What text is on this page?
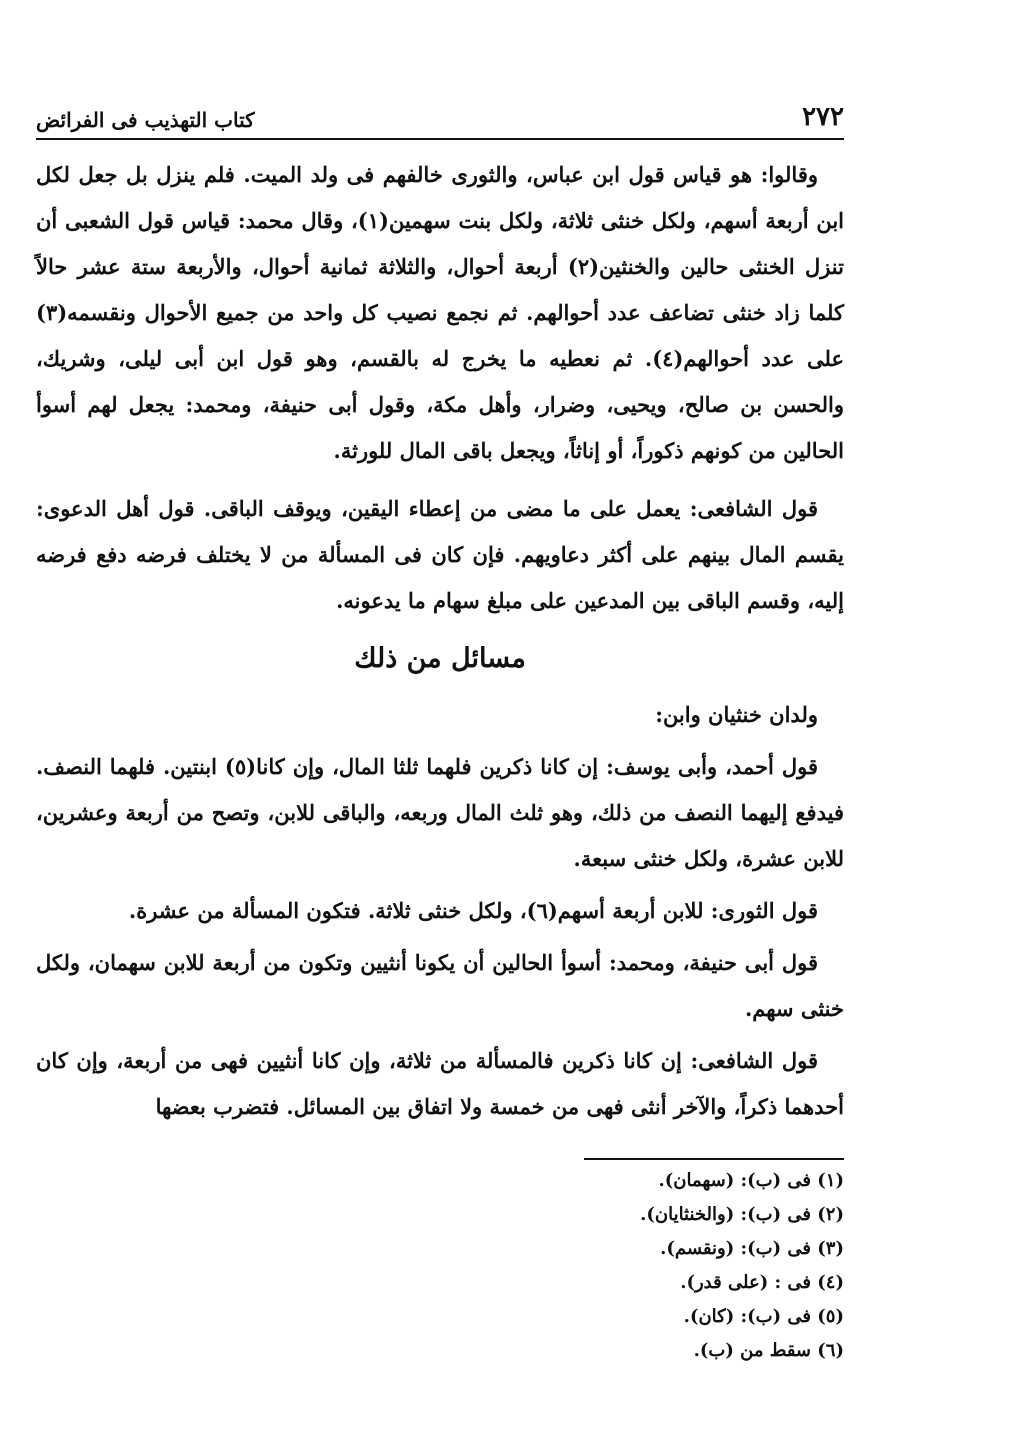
٢٧٢
كتاب التهذيب فى الفرائض

وقالوا: هو قياس قول ابن عباس، والثورى خالفهم فى ولد الميت. فلم ينزل بل جعل لكل ابن أربعة أسهم، ولكل خنثى ثلاثة، ولكل بنت سهمين(١)، وقال محمد: قياس قول الشعبى أن تنزل الخنثى حالين والخنثين(٢) أربعة أحوال، والثلاثة ثمانية أحوال، والأربعة ستة عشر حالاً كلما زاد خنثى تضاعف عدد أحوالهم. ثم نجمع نصيب كل واحد من جميع الأحوال ونقسمه(٣) على عدد أحوالهم(٤). ثم نعطيه ما يخرج له بالقسم، وهو قول ابن أبى ليلى، وشريك، والحسن بن صالح، ويحيى، وضرار، وأهل مكة، وقول أبى حنيفة، ومحمد: يجعل لهم أسوأ الحالين من كونهم ذكوراً، أو إناثاً، ويجعل باقى المال للورثة.

قول الشافعى: يعمل على ما مضى من إعطاء اليقين، ويوقف الباقى. قول أهل الدعوى: يقسم المال بينهم على أكثر دعاويهم. فإن كان فى المسألة من لا يختلف فرضه دفع فرضه إليه، وقسم الباقى بين المدعين على مبلغ سهام ما يدعونه.

مسائل من ذلك

ولدان خنثيان وابن:

قول أحمد، وأبى يوسف: إن كانا ذكرين فلهما ثلثا المال، وإن كانا(٥) ابنتين. فلهما النصف. فيدفع إليهما النصف من ذلك، وهو ثلث المال وربعه، والباقى للابن، وتصح من أربعة وعشرين، للابن عشرة، ولكل خنثى سبعة.

قول الثورى: للابن أربعة أسهم(٦)، ولكل خنثى ثلاثة. فتكون المسألة من عشرة.

قول أبى حنيفة، ومحمد: أسوأ الحالين أن يكونا أنثيين وتكون من أربعة للابن سهمان، ولكل خنثى سهم.

قول الشافعى: إن كانا ذكرين فالمسألة من ثلاثة، وإن كانا أنثيين فهى من أربعة، وإن كان أحدهما ذكراً، والآخر أنثى فهى من خمسة ولا اتفاق بين المسائل. فتضرب بعضها

(١) فى (ب): (سهمان).
(٢) فى (ب): (والخنثايان).
(٣) فى (ب): (ونقسم).
(٤) فى : (على قدر).
(٥) فى (ب): (كان).
(٦) سقط من (ب).
